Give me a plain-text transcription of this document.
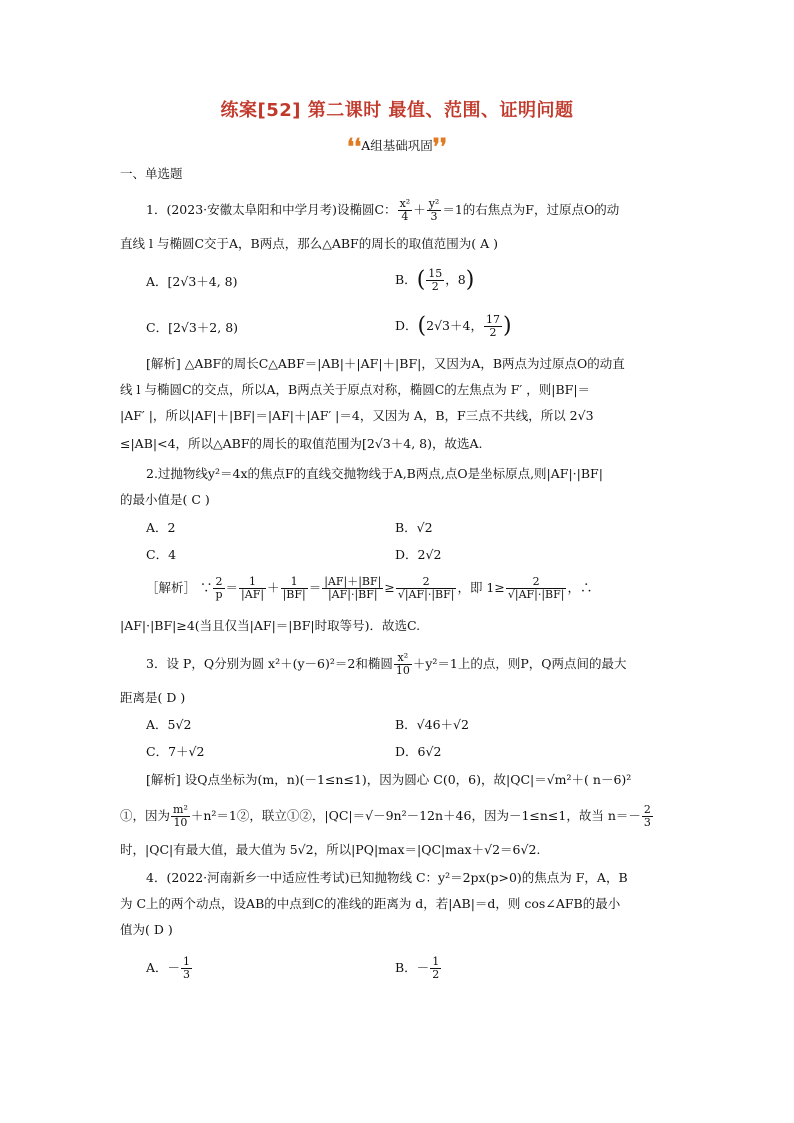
练案[52] 第二课时 最值、范围、证明问题
❛❛A组基础巩固❜❜
一、单选题
1．(2023·安徽太阜阳和中学月考)设椭圆C： $\frac{\text{x²}}{4} + \frac{\text{y²}}{3} =1$的右焦点为F，过原点O的动
直线 l 与椭圆C交于A，B两点，那么△ABF的周长的取值范围为( A )
A．[2√3＋4, 8)	B．( $\frac{15}{2}$ ，8)
C．[2√3＋2, 8)	D．(2√3＋4， $\frac{17}{2}$ )
[解析] △ABF的周长C△ABF＝|AB|＋|AF|＋|BF|，又因为A，B两点为过原点O的动直
线 l 与椭圆C的交点，所以A，B两点关于原点对称，椭圆C的左焦点为 F′ ，则|BF|＝
|AF′ |，所以|AF|＋|BF|＝|AF|＋|AF′ |＝4，又因为 A，B，F三点不共线，所以 2√3
≤|AB|<4，所以△ABF的周长的取值范围为[2√3＋4, 8)，故选A.
2.过抛物线y²＝4x的焦点F的直线交抛物线于A,B两点,点O是坐标原点,则|AF|·|BF|
的最小值是( C )
A．2	B．√2
C．4	D．2√2
［解析］ ∵ $\frac{2}{p} = \frac{1}{|AF|} + \frac{1}{|BF|} = \frac{|AF|+|BF|}{|AF|\cdot|BF|} \ge \frac{2}{√|AF|\cdot|BF|}$ ，即 $1\ge \frac{2}{√|AF|\cdot|BF|}$ ，∴
|AF|·|BF|≥4(当且仅当|AF|＝|BF|时取等号)．故选C.
3．设 P，Q分别为圆 x²＋(y－6)²＝2和椭圆 $\frac{\text{x²}}{10} +y^2=1$上的点，则P，Q两点间的最大
距离是( D )
A．5√2	B．√46＋√2
C．7＋√2	D．6√2
[解析] 设Q点坐标为(m，n)(－1≤n≤1)，因为圆心 C(0，6)，故|QC|＝√m²＋( n－6)²
①，因为 $\frac{\text{m²}}{10}$ ＋n²＝1②，联立①②，|QC|＝√－9n²－12n＋46，因为－1≤n≤1，故当 $n=- \frac{2}{3}$
时，|QC|有最大值，最大值为 5√2，所以|PQ|max＝|QC|max＋√2＝6√2.
4．(2022·河南新乡一中适应性考试)已知抛物线 C：y²＝2px(p>0)的焦点为 F，A，B
为 C上的两个动点，设AB的中点到C的准线的距离为 d，若|AB|＝d，则 cos∠AFB的最小
值为( D )
A．－ $\frac{1}{3}$	B．－ $\frac{1}{2}$
